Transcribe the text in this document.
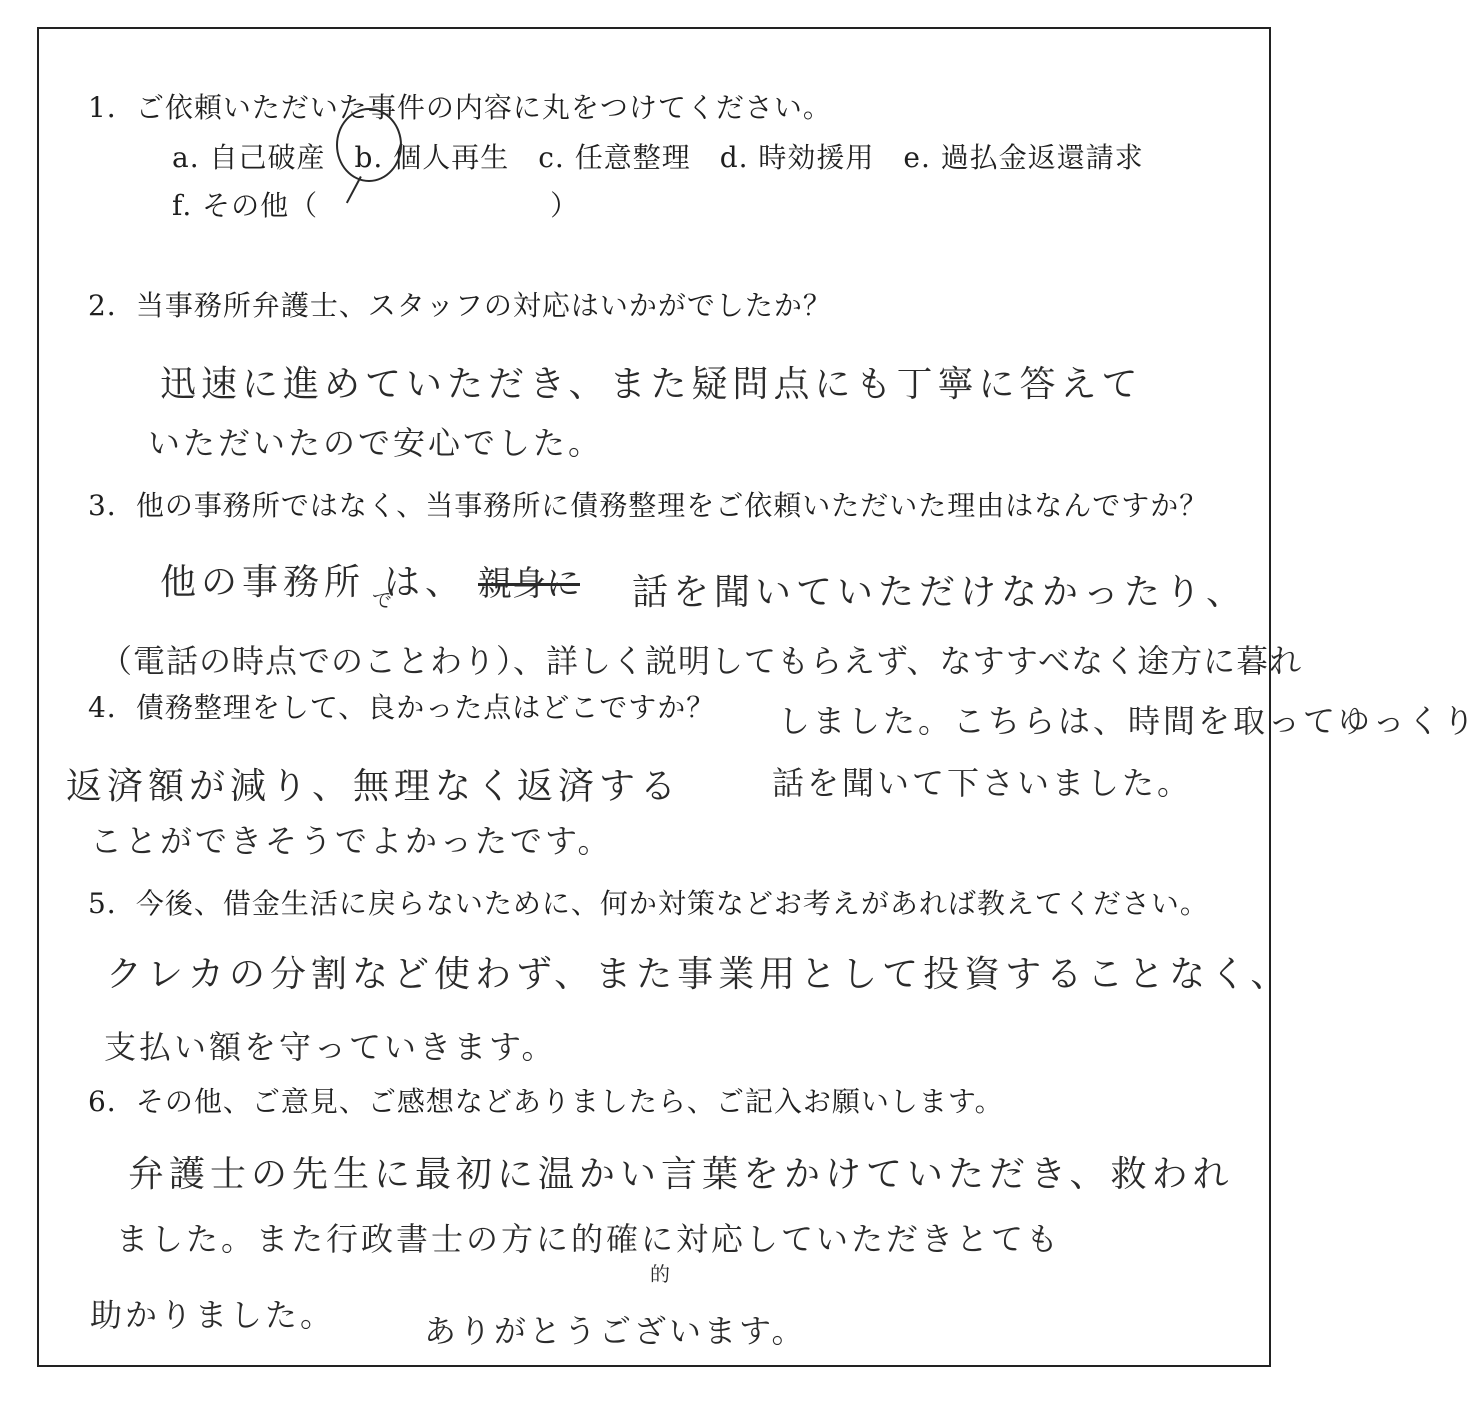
1．ご依頼いただいた事件の内容に丸をつけてください。
a. 自己破産　b. 個人再生　c. 任意整理　d. 時効援用　e. 過払金返還請求
f. その他（　　　　　　　　）
2．当事務所弁護士、スタッフの対応はいかがでしたか？
迅速に進めていただき、また疑問点にも丁寧に答えて
いただいたので安心でした。
3．他の事務所ではなく、当事務所に債務整理をご依頼いただいた理由はなんですか？
他の事務所 で
は、 親身に 話を聞いていただけなかったり、
（電話の時点でのことわり）、詳しく説明してもらえず、なすすべなく途方に暮れ
しました。こちらは、時間を取ってゆっくり
話を聞いて下さいました。
4．債務整理をして、良かった点はどこですか？
返済額が減り、無理なく返済する
ことができそうでよかったです。
5．今後、借金生活に戻らないために、何か対策などお考えがあれば教えてください。
クレカの分割など使わず、また事業用として投資することなく、
支払い額を守っていきます。
6．その他、ご意見、ご感想などありましたら、ご記入お願いします。
弁護士の先生に最初に温かい言葉をかけていただき、救われ
ました。また行政書士の方に的確に対応していただきとても
的
助かりました。	ありがとうございます。
